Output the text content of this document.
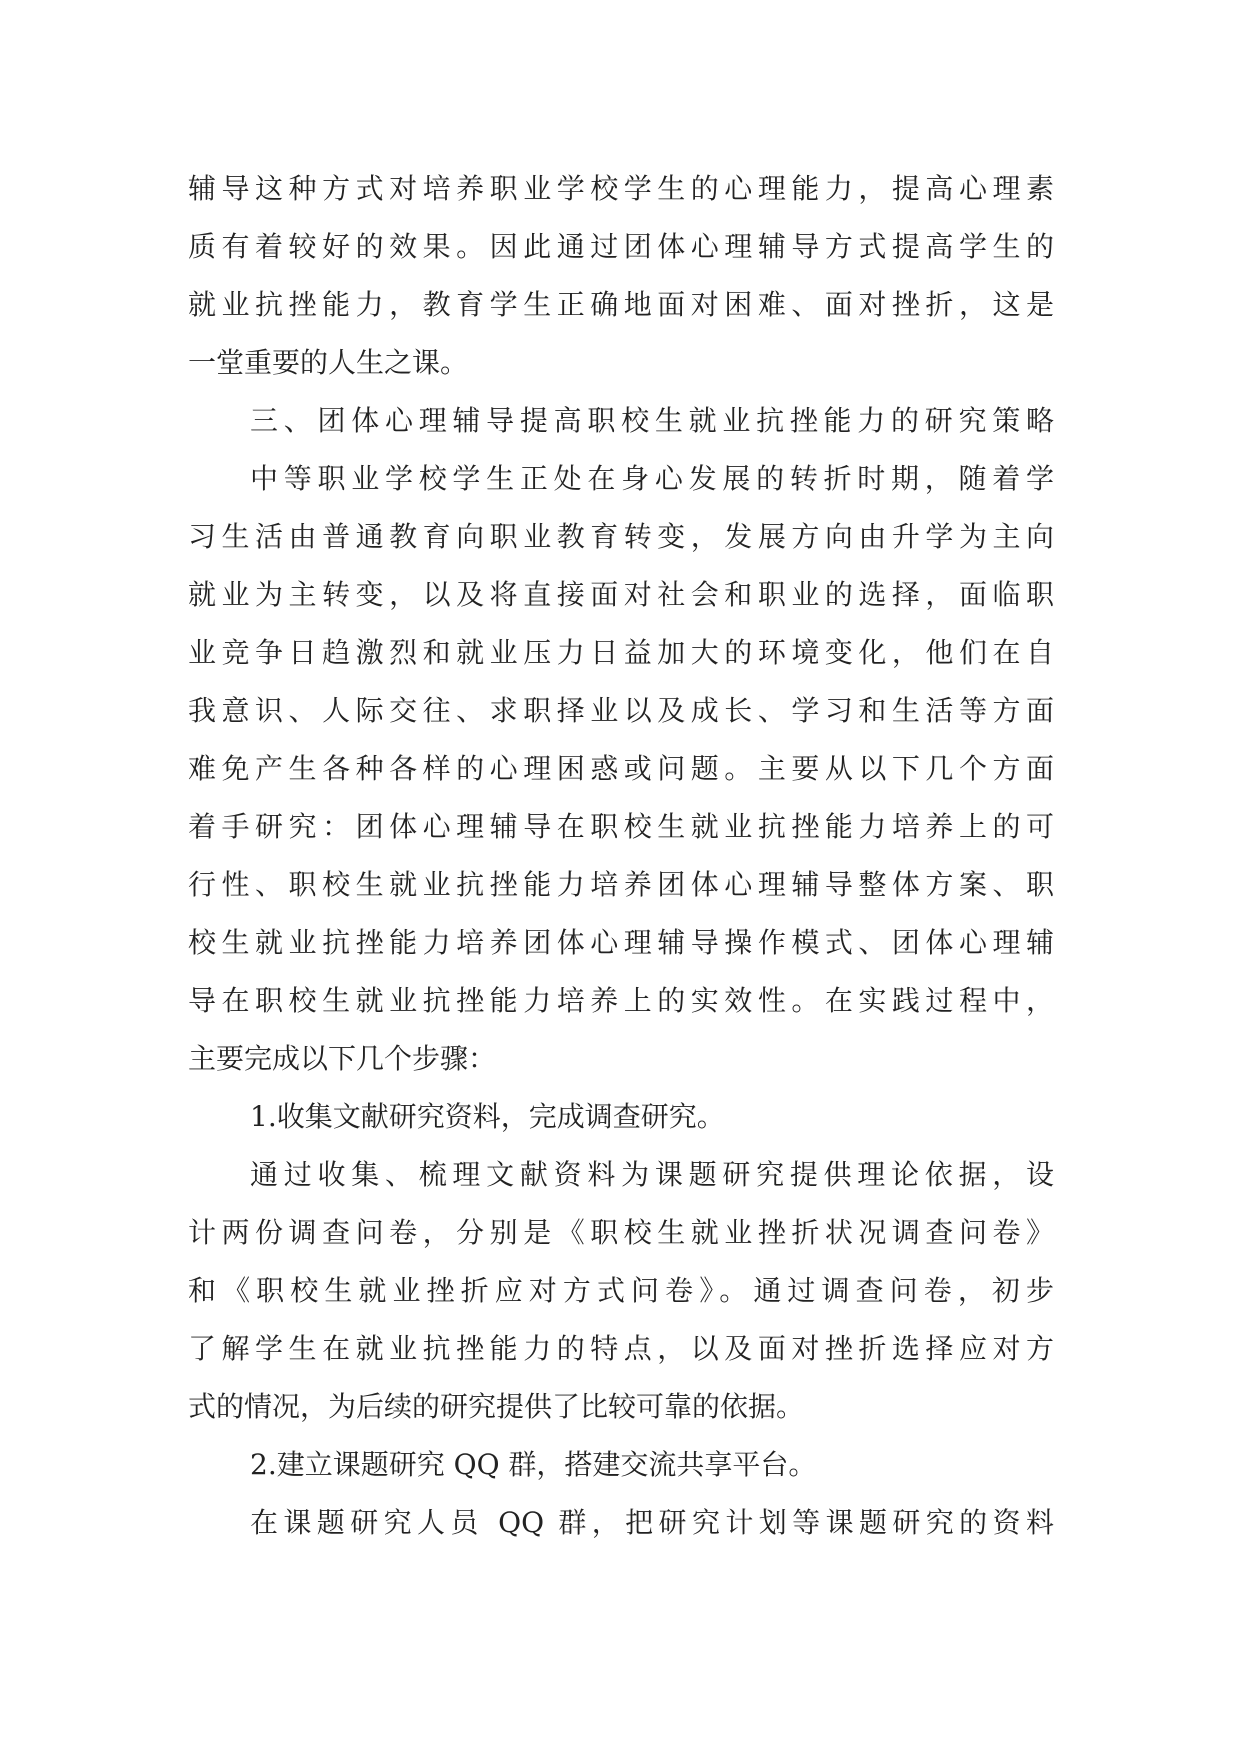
辅导这种方式对培养职业学校学生的心理能力，提高心理素
质有着较好的效果。因此通过团体心理辅导方式提高学生的
就业抗挫能力，教育学生正确地面对困难、面对挫折，这是
一堂重要的人生之课。
三、团体心理辅导提高职校生就业抗挫能力的研究策略
中等职业学校学生正处在身心发展的转折时期，随着学
习生活由普通教育向职业教育转变，发展方向由升学为主向
就业为主转变，以及将直接面对社会和职业的选择，面临职
业竞争日趋激烈和就业压力日益加大的环境变化，他们在自
我意识、人际交往、求职择业以及成长、学习和生活等方面
难免产生各种各样的心理困惑或问题。主要从以下几个方面
着手研究：团体心理辅导在职校生就业抗挫能力培养上的可
行性、职校生就业抗挫能力培养团体心理辅导整体方案、职
校生就业抗挫能力培养团体心理辅导操作模式、团体心理辅
导在职校生就业抗挫能力培养上的实效性。在实践过程中，
主要完成以下几个步骤：
1.收集文献研究资料，完成调查研究。
通过收集、梳理文献资料为课题研究提供理论依据，设
计两份调查问卷，分别是《职校生就业挫折状况调查问卷》
和《职校生就业挫折应对方式问卷》。通过调查问卷，初步
了解学生在就业抗挫能力的特点，以及面对挫折选择应对方
式的情况，为后续的研究提供了比较可靠的依据。
2.建立课题研究 QQ 群，搭建交流共享平台。
在课题研究人员 QQ 群，把研究计划等课题研究的资料
